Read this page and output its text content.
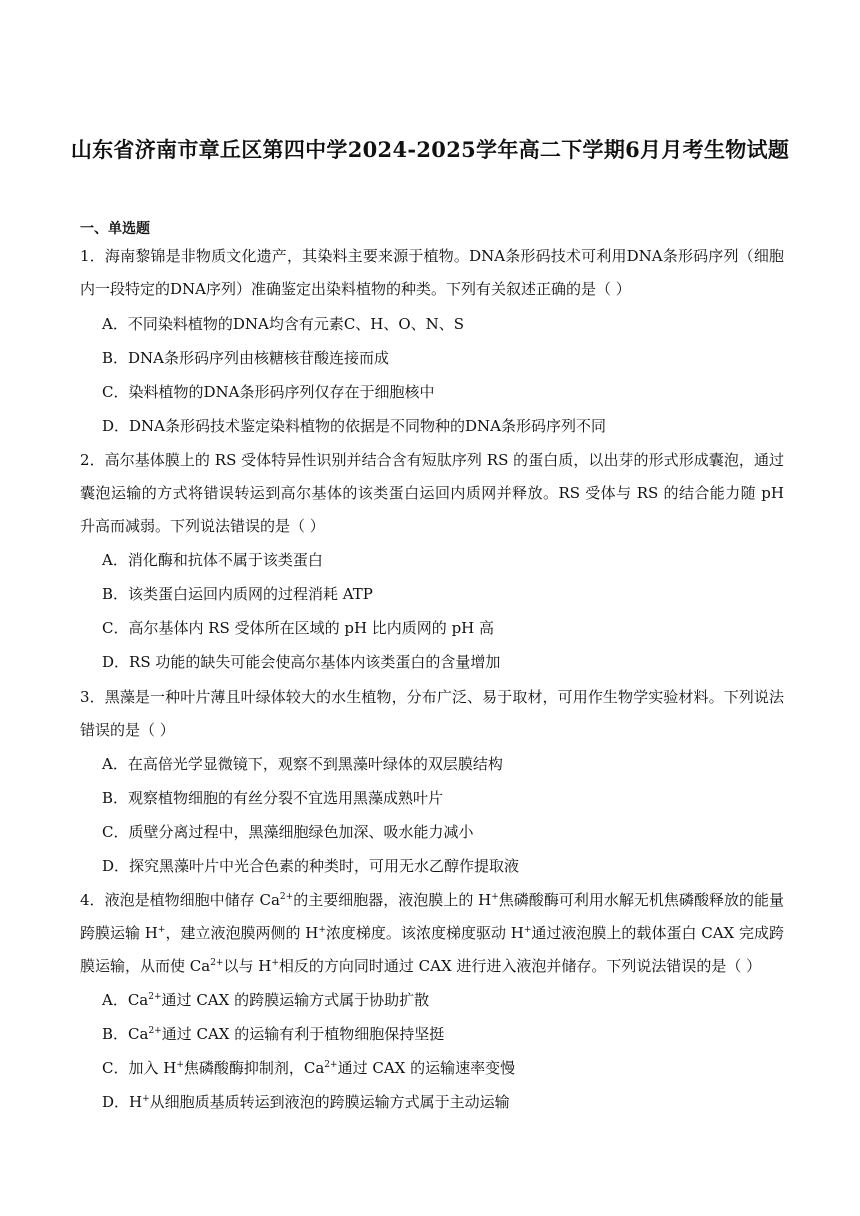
山东省济南市章丘区第四中学2024-2025学年高二下学期6月月考生物试题
一、单选题
1．海南黎锦是非物质文化遗产，其染料主要来源于植物。DNA条形码技术可利用DNA条形码序列（细胞内一段特定的DNA序列）准确鉴定出染料植物的种类。下列有关叙述正确的是（ ）
A．不同染料植物的DNA均含有元素C、H、O、N、S
B．DNA条形码序列由核糖核苷酸连接而成
C．染料植物的DNA条形码序列仅存在于细胞核中
D．DNA条形码技术鉴定染料植物的依据是不同物种的DNA条形码序列不同
2．高尔基体膜上的 RS 受体特异性识别并结合含有短肽序列 RS 的蛋白质，以出芽的形式形成囊泡，通过囊泡运输的方式将错误转运到高尔基体的该类蛋白运回内质网并释放。RS 受体与 RS 的结合能力随 pH 升高而减弱。下列说法错误的是（ ）
A．消化酶和抗体不属于该类蛋白
B．该类蛋白运回内质网的过程消耗 ATP
C．高尔基体内 RS 受体所在区域的 pH 比内质网的 pH 高
D．RS 功能的缺失可能会使高尔基体内该类蛋白的含量增加
3．黑藻是一种叶片薄且叶绿体较大的水生植物，分布广泛、易于取材，可用作生物学实验材料。下列说法错误的是（ ）
A．在高倍光学显微镜下，观察不到黑藻叶绿体的双层膜结构
B．观察植物细胞的有丝分裂不宜选用黑藻成熟叶片
C．质壁分离过程中，黑藻细胞绿色加深、吸水能力减小
D．探究黑藻叶片中光合色素的种类时，可用无水乙醇作提取液
4．液泡是植物细胞中储存 $Ca^{2+}$的主要细胞器，液泡膜上的 H+焦磷酸酶可利用水解无机焦磷酸释放的能量跨膜运输 H+，建立液泡膜两侧的 H+浓度梯度。该浓度梯度驱动 H+通过液泡膜上的载体蛋白 CAX 完成跨膜运输，从而使 $Ca^{2+}$以与 H+相反的方向同时通过 CAX 进行进入液泡并储存。下列说法错误的是（ ）
A．$Ca^{2+}$通过 CAX 的跨膜运输方式属于协助扩散
B．$Ca^{2+}$通过 CAX 的运输有利于植物细胞保持坚挺
C．加入 H+焦磷酸酶抑制剂，$Ca^{2+}$通过 CAX 的运输速率变慢
D．H+从细胞质基质转运到液泡的跨膜运输方式属于主动运输
